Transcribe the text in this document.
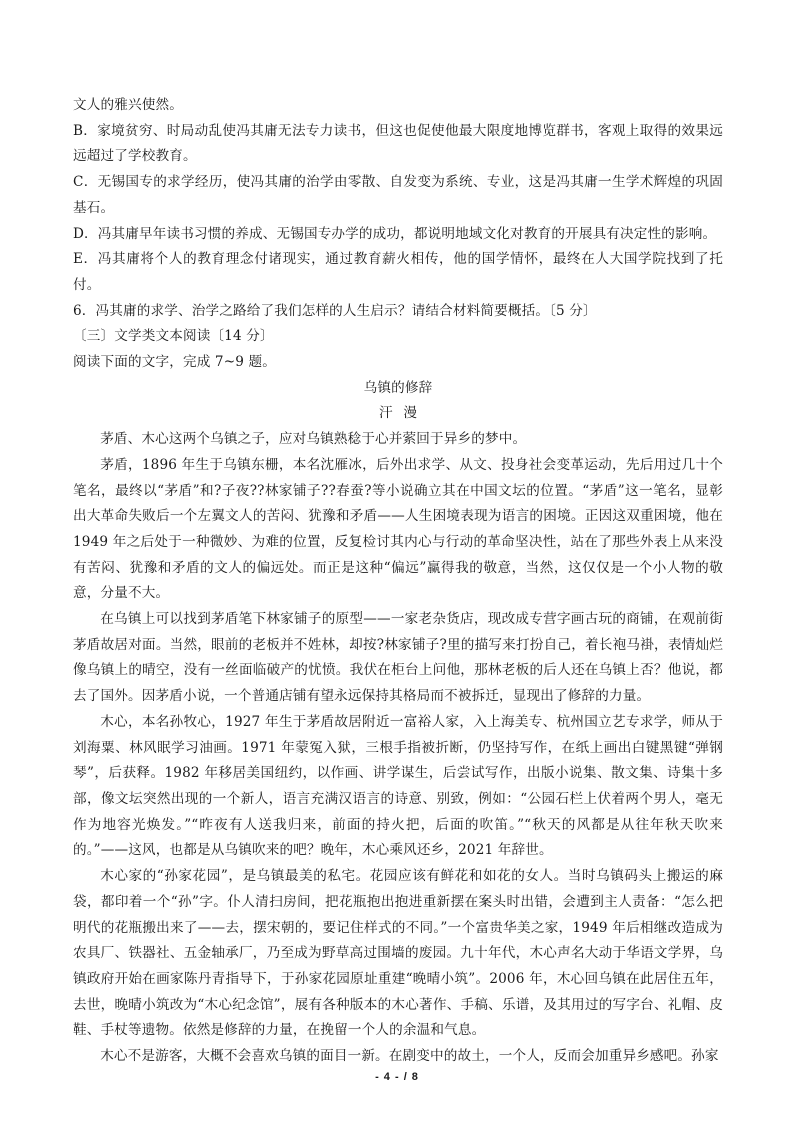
文人的雅兴使然。

B．家境贫穷、时局动乱使冯其庸无法专力读书，但这也促使他最大限度地博览群书，客观上取得的效果远远超过了学校教育。

C．无锡国专的求学经历，使冯其庸的治学由零散、自发变为系统、专业，这是冯其庸一生学术辉煌的巩固基石。

D．冯其庸早年读书习惯的养成、无锡国专办学的成功，都说明地域文化对教育的开展具有决定性的影响。

E．冯其庸将个人的教育理念付诸现实，通过教育薪火相传，他的国学情怀，最终在人大国学院找到了托付。

6．冯其庸的求学、治学之路给了我们怎样的人生启示？请结合材料简要概括。〔5 分〕

〔三〕文学类文本阅读〔14 分〕

阅读下面的文字，完成 7~9 题。

乌镇的修辞

汗漫

茅盾、木心这两个乌镇之子，应对乌镇熟稔于心并萦回于异乡的梦中。

茅盾，1896 年生于乌镇东栅，本名沈雁冰，后外出求学、从文、投身社会变革运动，先后用过几十个笔名，最终以“茅盾”和?子夜??林家铺子??春蚕?等小说确立其在中国文坛的位置。“茅盾”这一笔名，显彰出大革命失败后一个左翼文人的苦闷、犹豫和矛盾——人生困境表现为语言的困境。正因这双重困境，他在 1949 年之后处于一种微妙、为难的位置，反复检讨其内心与行动的革命坚决性，站在了那些外表上从来没有苦闷、犹豫和矛盾的文人的偏远处。而正是这种“偏远”赢得我的敬意，当然，这仅仅是一个小人物的敬意，分量不大。

在乌镇上可以找到茅盾笔下林家铺子的原型——一家老杂货店，现改成专营字画古玩的商铺，在观前街茅盾故居对面。当然，眼前的老板并不姓林，却按?林家铺子?里的描写来打扮自己，着长袍马褂，表情灿烂像乌镇上的晴空，没有一丝面临破产的忧愤。我伏在柜台上问他，那林老板的后人还在乌镇上否？他说，都去了国外。因茅盾小说，一个普通店铺有望永远保持其格局而不被拆迁，显现出了修辞的力量。

木心，本名孙牧心，1927 年生于茅盾故居附近一富裕人家，入上海美专、杭州国立艺专求学，师从于刘海粟、林风眠学习油画。1971 年蒙冤入狱，三根手指被折断，仍坚持写作，在纸上画出白键黑键“弹钢琴”，后获释。1982 年移居美国纽约，以作画、讲学谋生，后尝试写作，出版小说集、散文集、诗集十多部，像文坛突然出现的一个新人，语言充满汉语言的诗意、别致，例如：“公园石栏上伏着两个男人，毫无作为地容光焕发。”“昨夜有人送我归来，前面的持火把，后面的吹笛。”“秋天的风都是从往年秋天吹来的。”——这风，也都是从乌镇吹来的吧？晚年，木心乘风还乡，2021 年辞世。

木心家的“孙家花园”，是乌镇最美的私宅。花园应该有鲜花和如花的女人。当时乌镇码头上搬运的麻袋，都印着一个“孙”字。仆人清扫房间，把花瓶抱出抱进重新摆在案头时出错，会遭到主人责备：“怎么把明代的花瓶搬出来了——去，摆宋朝的，要记住样式的不同。”一个富贵华美之家，1949 年后相继改造成为农具厂、铁器社、五金轴承厂，乃至成为野草高过围墙的废园。九十年代，木心声名大动于华语文学界，乌镇政府开始在画家陈丹青指导下，于孙家花园原址重建“晚晴小筑”。2006 年，木心回乌镇在此居住五年，去世，晚晴小筑改为“木心纪念馆”，展有各种版本的木心著作、手稿、乐谱，及其用过的写字台、礼帽、皮鞋、手杖等遗物。依然是修辞的力量，在挽留一个人的余温和气息。

木心不是游客，大概不会喜欢乌镇的面目一新。在剧变中的故土，一个人，反而会加重异乡感吧。孙家

- 4 - / 8
